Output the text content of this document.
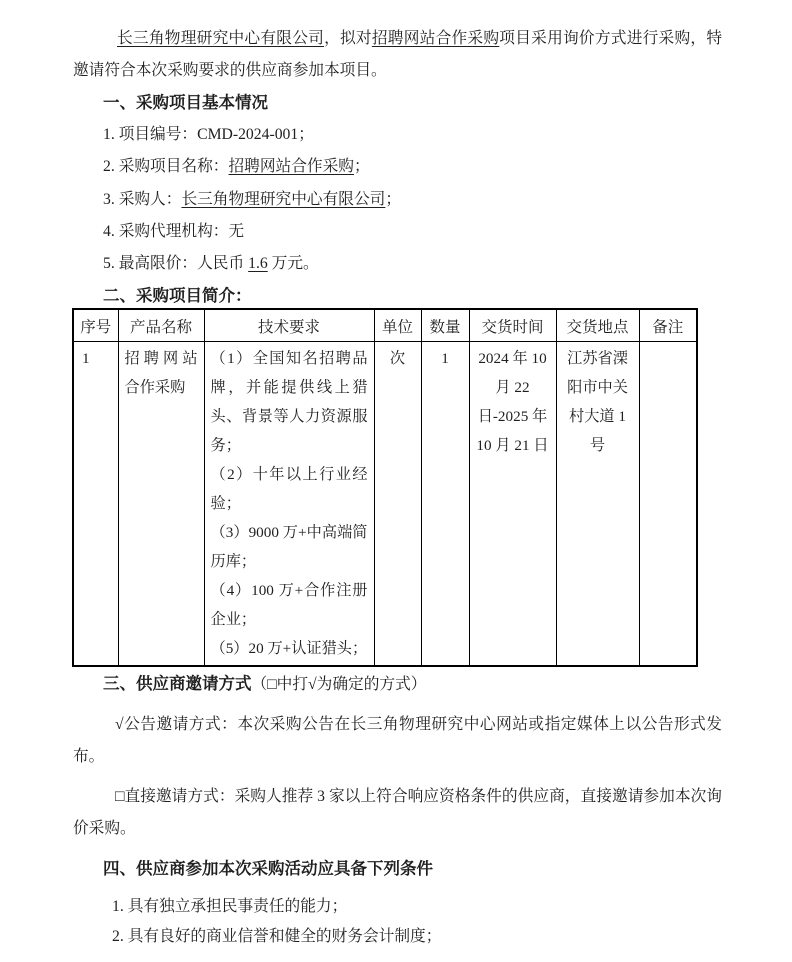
长三角物理研究中心有限公司，拟对招聘网站合作采购项目采用询价方式进行采购，特邀请符合本次采购要求的供应商参加本项目。

一、采购项目基本情况
1. 项目编号：CMD-2024-001；
2. 采购项目名称：招聘网站合作采购；
3. 采购人：长三角物理研究中心有限公司；
4. 采购代理机构：无
5. 最高限价：人民币 1.6 万元。
二、采购项目简介：
序号	产品名称	技术要求	单位	数量	交货时间	交货地点	备注
1	招聘网站合作采购	（1）全国知名招聘品牌，并能提供线上猎头、背景等人力资源服务；
（2）十年以上行业经验；
（3）9000 万+中高端简历库；
（4）100 万+合作注册企业；
（5）20 万+认证猎头；	次	1	2024 年 10 月 22 日-2025 年 10 月 21 日	江苏省溧阳市中关村大道 1 号	
三、供应商邀请方式（□中打√为确定的方式）

√公告邀请方式：本次采购公告在长三角物理研究中心网站或指定媒体上以公告形式发布。

□直接邀请方式：采购人推荐 3 家以上符合响应资格条件的供应商，直接邀请参加本次询价采购。

四、供应商参加本次采购活动应具备下列条件
1. 具有独立承担民事责任的能力；
2. 具有良好的商业信誉和健全的财务会计制度；
